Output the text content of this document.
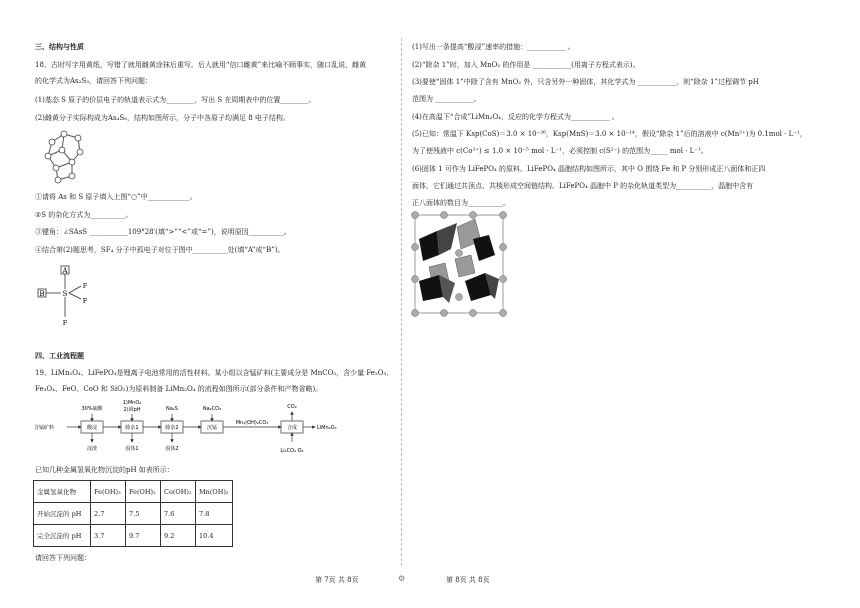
三、结构与性质
18、古时写字用黄纸，写错了就用雌黄涂抹后重写。后人就用“信口雌黄”来比喻不顾事实，随口乱说，雌黄
的化学式为As₂S₃，请回答下列问题：
(1)基态 S 原子的价层电子的轨道表示式为________，写出 S 在周期表中的位置________。
(2)雌黄分子实际构成为As₄S₆，结构如图所示，分子中各原子均满足 8 电子结构。
①请将 As 和 S 原子填入上图“○”中____________。
②S 的杂化方式为__________。
③键角：∠SAsS ___________109°28′(填“>”“<”或“=”)，说明原因__________。
④结合第(2)题思考，SF₄ 分子中孤电子对位于图中__________处(填“A”或“B”)。
A
B	S
F
F
F
四、工业流程题
19、LiMn₂O₄、LiFePO₄是锂离子电池常用的活性材料。某小组以含锰矿料(主要成分是 MnCO₃，含少量 Fe₂O₃、
Fe₃O₄、FeO、CoO 和 SiO₂)为原料制备 LiMn₂O₄ 的流程如图所示(部分条件和产物省略)。
含锰矿料
30%硫酸
酸浸
浸渣
1)MnO₂
2)调pH
除杂1
固体1
Na₂S
除杂2
固体2
Na₂CO₃
沉锰
Mn₂(OH)₂CO₃
CO₂
合成	LiMn₂O₄
Li₂CO₃ O₂
已知几种金属氢氧化物沉淀的pH 如表所示：
金属氢氧化物	Fe(OH)₃	Fe(OH)₂	Co(OH)₂	Mn(OH)₂
开始沉淀的 pH	2.7	7.5	7.6	7.8
完全沉淀的 pH	3.7	9.7	9.2	10.4
请回答下列问题：
第 7页 共 8页	⚙
(1)写出一条提高“酸浸”速率的措施：___________ 。
(2)“除杂 1”时，加入 MnO₂ 的作用是 ___________(用离子方程式表示)。
(3)要使“固体 1”中除了含有 MnO₂ 外，只含另外一种固体，其化学式为 ___________，则“除杂 1”过程调节 pH
范围为 ___________。
(4)在高温下“合成”LiMn₂O₄，反应的化学方程式为___________ 。
(5)已知：常温下 Ksp(CoS)＝3.0 × 10⁻²⁶，Ksp(MnS)＝3.0 × 10⁻¹⁴，假设“除杂 1”后的溶液中 c(Mn²⁺)为 0.1mol · L⁻¹，
为了使残液中 c(Co²⁺) ≤ 1.0 × 10⁻⁵ mol · L⁻¹，必须控制 c(S²⁻) 的范围为_____ mol · L⁻¹。
(6)固体 1 可作为 LiFePO₄ 的原料。LiFePO₄ 晶胞结构如图所示，其中 O 围绕 Fe 和 P 分别形成正八面体和正四
面体，它们通过共顶点、共棱形成空间链结构。LiFePO₄ 晶胞中 P 的杂化轨道类型为__________，晶胞中含有
正八面体的数目为__________。
第 8页 共 8页
